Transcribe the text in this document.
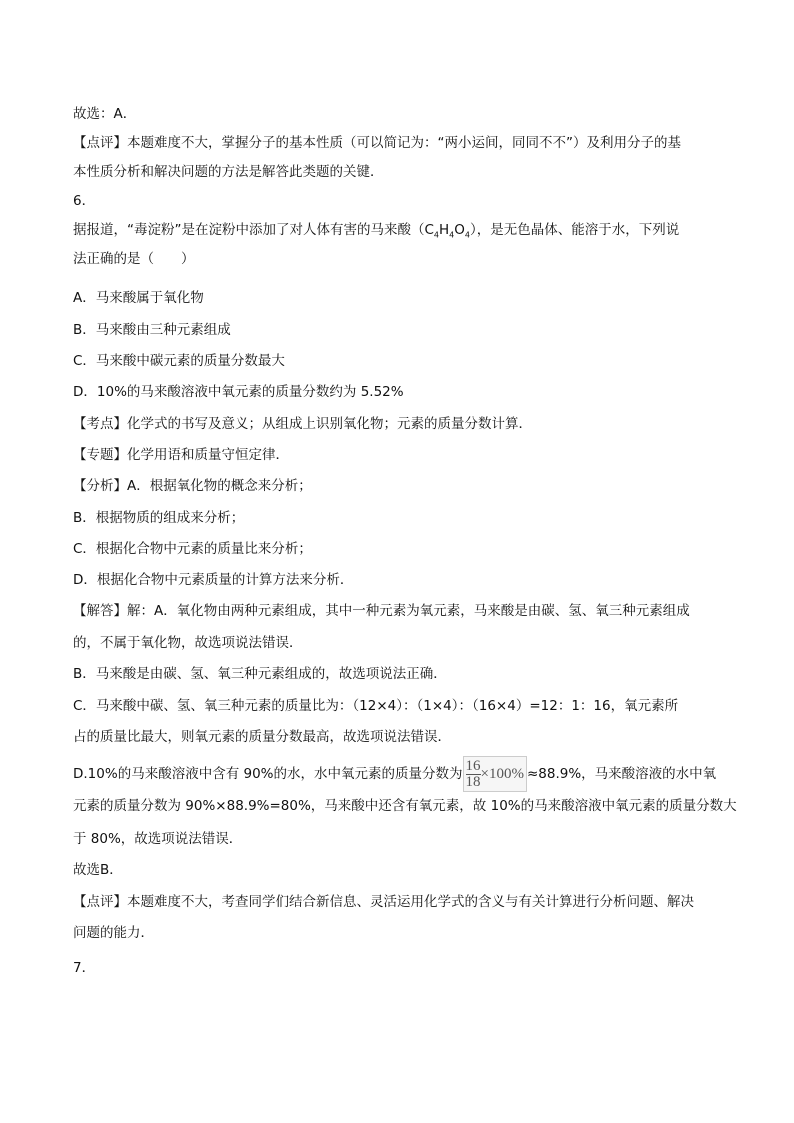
故选：A．
【点评】本题难度不大，掌握分子的基本性质（可以简记为：“两小运间，同同不不”）及利用分子的基
本性质分析和解决问题的方法是解答此类题的关键．
6．
据报道，“毒淀粉”是在淀粉中添加了对人体有害的马来酸$(C_4H_4O_4)$，是无色晶体、能溶于水，下列说
法正确的是（　　）
A．马来酸属于氧化物
B．马来酸由三种元素组成
C．马来酸中碳元素的质量分数最大
D．10%的马来酸溶液中氧元素的质量分数约为 5.52%
【考点】化学式的书写及意义；从组成上识别氧化物；元素的质量分数计算．
【专题】化学用语和质量守恒定律．
【分析】A．根据氧化物的概念来分析；
B．根据物质的组成来分析；
C．根据化合物中元素的质量比来分析；
D．根据化合物中元素质量的计算方法来分析．
【解答】解：A．氧化物由两种元素组成，其中一种元素为氧元素，马来酸是由碳、氢、氧三种元素组成
的，不属于氧化物，故选项说法错误．
B．马来酸是由碳、氢、氧三种元素组成的，故选项说法正确．
C．马来酸中碳、氢、氧三种元素的质量比为：（12×4）：（1×4）：（16×4）=12：1：16，氧元素所
占的质量比最大，则氧元素的质量分数最高，故选项说法错误．
D.10%的马来酸溶液中含有 90%的水，水中氧元素的质量分数为 $\frac{16}{18} \times 100\% \approx 88.9\%$，马来酸溶液的水中氧
元素的质量分数为 90%×88.9%=80%，马来酸中还含有氧元素，故 10%的马来酸溶液中氧元素的质量分数大
于 80%，故选项说法错误．
故选B．
【点评】本题难度不大，考查同学们结合新信息、灵活运用化学式的含义与有关计算进行分析问题、解决
问题的能力．
7．
